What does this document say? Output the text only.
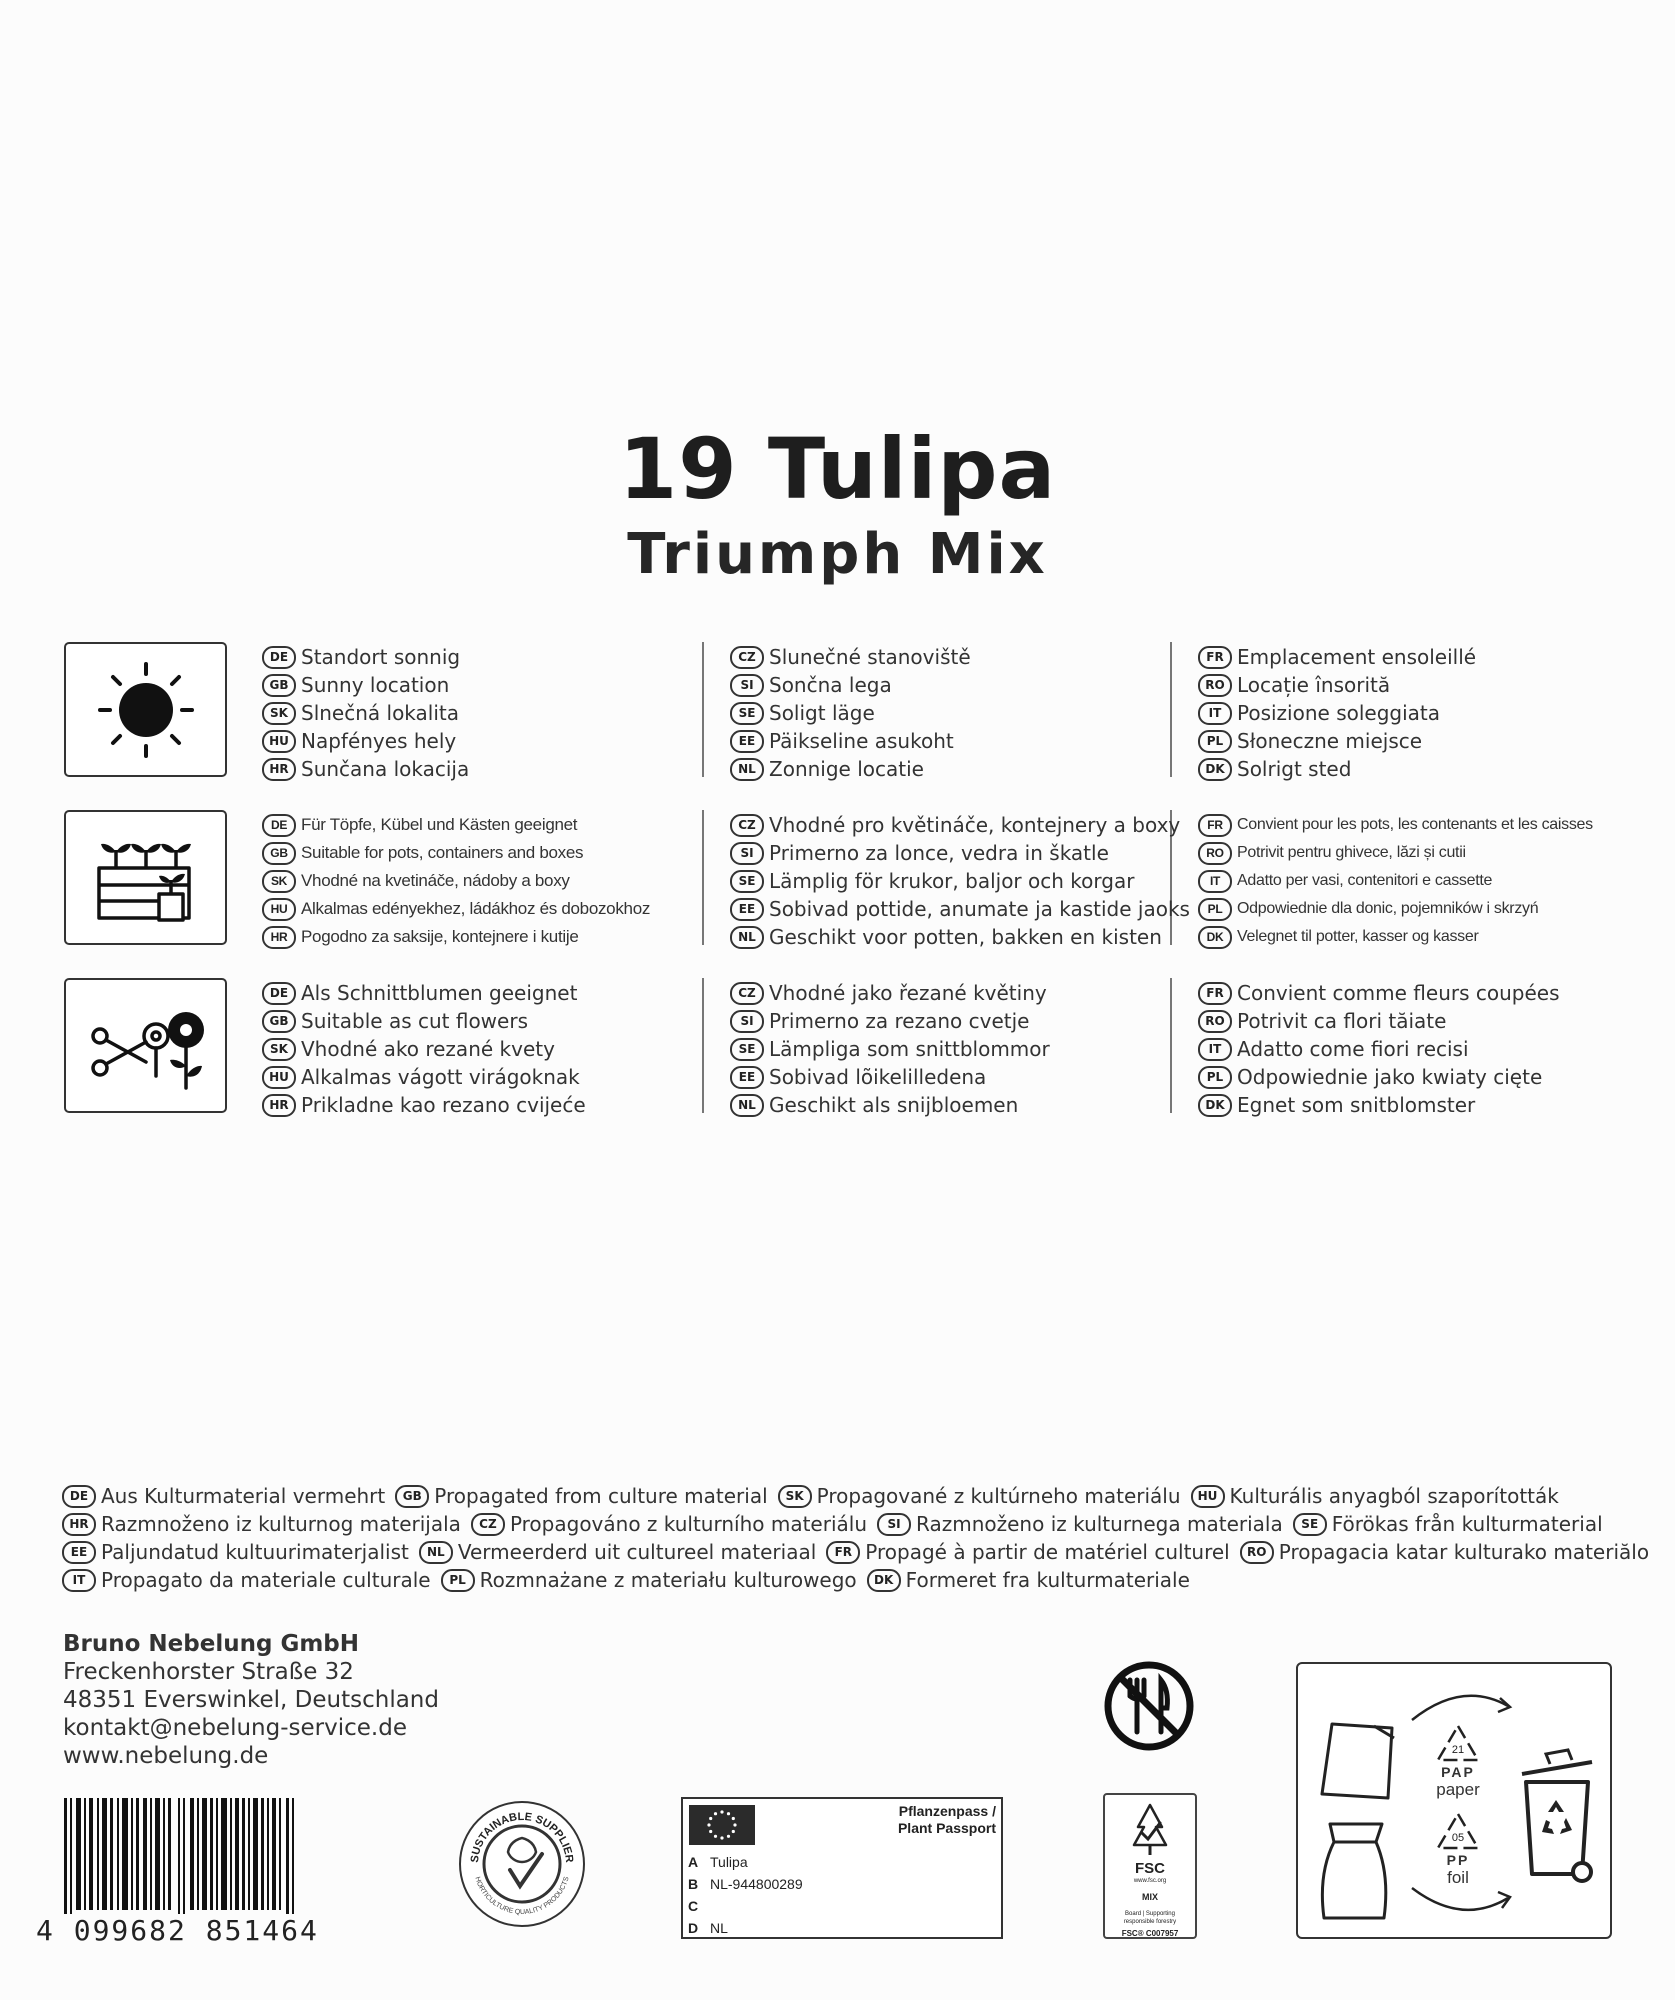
19 Tulipa
Triumph Mix
DE Standort sonnig
GB Sunny location
SK Slnečná lokalita
HU Napfényes hely
HR Sunčana lokacija
CZ Slunečné stanoviště
SI Sončna lega
SE Soligt läge
EE Päikseline asukoht
NL Zonnige locatie
FR Emplacement ensoleillé
RO Locație însorită
IT Posizione soleggiata
PL Słoneczne miejsce
DK Solrigt sted
DE Für Töpfe, Kübel und Kästen geeignet
GB Suitable for pots, containers and boxes
SK Vhodné na kvetináče, nádoby a boxy
HU Alkalmas edényekhez, ládákhoz és dobozokhoz
HR Pogodno za saksije, kontejnere i kutije
CZ Vhodné pro květináče, kontejnery a boxy
SI Primerno za lonce, vedra in škatle
SE Lämplig för krukor, baljor och korgar
EE Sobivad pottide, anumate ja kastide jaoks
NL Geschikt voor potten, bakken en kisten
FR Convient pour les pots, les contenants et les caisses
RO Potrivit pentru ghivece, lăzi și cutii
IT	Adatto per vasi, contenitori e cassette
PL Odpowiednie dla donic, pojemników i skrzyń
DK Velegnet til potter, kasser og kasser
DE Als Schnittblumen geeignet
GB Suitable as cut flowers
SK Vhodné ako rezané kvety
HU Alkalmas vágott virágoknak
HR Prikladne kao rezano cvijeće
CZ Vhodné jako řezané květiny
SI Primerno za rezano cvetje
SE Lämpliga som snittblommor
EE Sobivad lõikelilledena
NL Geschikt als snijbloemen
FR Convient comme fleurs coupées
RO Potrivit ca flori tăiate
IT Adatto come fiori recisi
PL Odpowiednie jako kwiaty cięte
DK Egnet som snitblomster
DE Aus Kulturmaterial vermehrt	GB Propagated from culture material	SK Propagované z kultúrneho materiálu	HU Kulturális anyagból szaporították
HR Razmnoženo iz kulturnog materijala	CZ Propagováno z kulturního materiálu	SI Razmnoženo iz kulturnega materiala	SE Förökas från kulturmaterial
EE Paljundatud kultuurimaterjalist	NL Vermeerderd uit cultureel materiaal	FR Propagé à partir de matériel culturel	RO Propagacia katar kulturako materiălo
IT Propagato da materiale culturale	PL Rozmnażane z materiału kulturowego	DK Formeret fra kulturmateriale
Bruno Nebelung GmbH
Freckenhorster Straße 32
48351 Everswinkel, Deutschland
kontakt@nebelung-service.de
www.nebelung.de
4 099682 851464
SUSTAINABLE SUPPLIER
HORTICULTURE QUALITY PRODUCTS
Pflanzenpass /
Plant Passport
A Tulipa
B NL-944800289
C
D NL
FSC
www.fsc.org
MIX
Board | Supporting
responsible forestry
FSC® C007957
21
PAP
paper
05
PP
foil
